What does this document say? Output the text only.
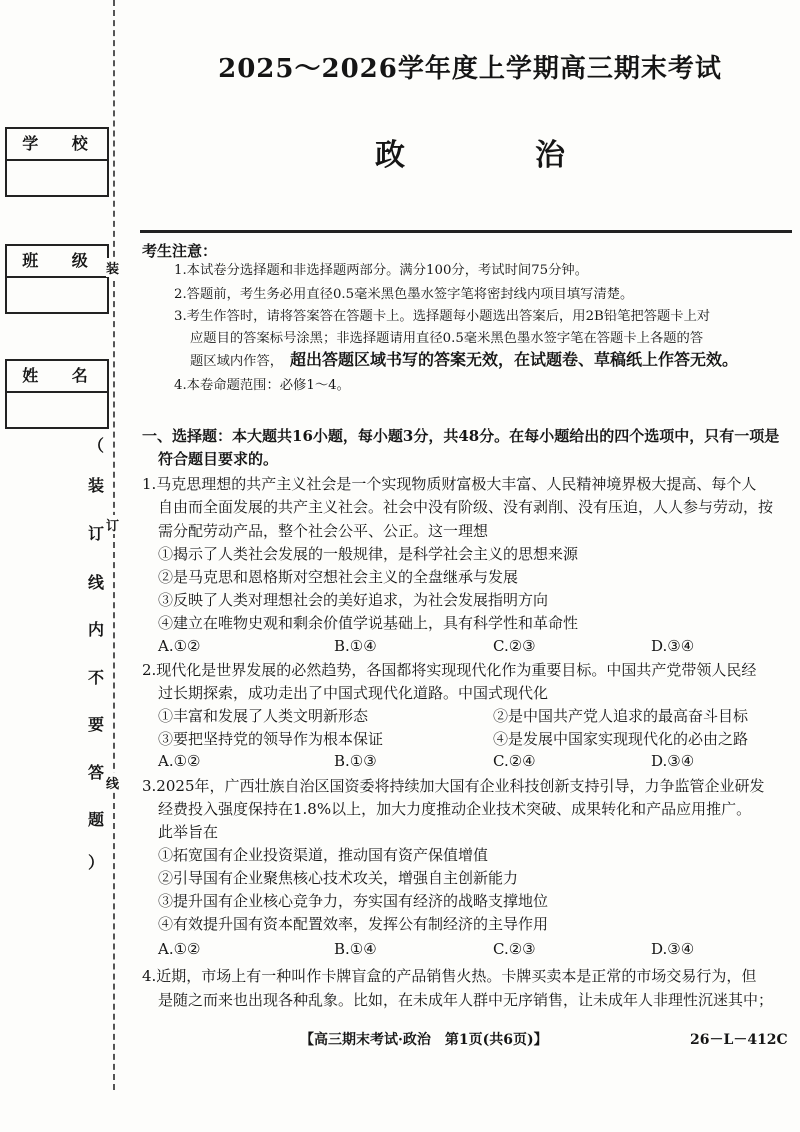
学 校
班 级
姓 名
（
装
订
线
内
不
要
答
题
）
装
订
线
2025～2026学年度上学期高三期末考试
政　治
考生注意：
1.本试卷分选择题和非选择题两部分。满分100分，考试时间75分钟。
2.答题前，考生务必用直径0.5毫米黑色墨水签字笔将密封线内项目填写清楚。
3.考生作答时，请将答案答在答题卡上。选择题每小题选出答案后，用2B铅笔把答题卡上对
应题目的答案标号涂黑；非选择题请用直径0.5毫米黑色墨水签字笔在答题卡上各题的答
题区域内作答， 超出答题区域书写的答案无效，在试题卷、草稿纸上作答无效。
4.本卷命题范围：必修1～4。
一、选择题：本大题共16小题，每小题3分，共48分。在每小题给出的四个选项中，只有一项是
符合题目要求的。
1.马克思理想的共产主义社会是一个实现物质财富极大丰富、人民精神境界极大提高、每个人
自由而全面发展的共产主义社会。社会中没有阶级、没有剥削、没有压迫，人人参与劳动，按
需分配劳动产品，整个社会公平、公正。这一理想
①揭示了人类社会发展的一般规律，是科学社会主义的思想来源
②是马克思和恩格斯对空想社会主义的全盘继承与发展
③反映了人类对理想社会的美好追求，为社会发展指明方向
④建立在唯物史观和剩余价值学说基础上，具有科学性和革命性
A.①②	B.①④	C.②③	D.③④
2.现代化是世界发展的必然趋势，各国都将实现现代化作为重要目标。中国共产党带领人民经
过长期探索，成功走出了中国式现代化道路。中国式现代化
①丰富和发展了人类文明新形态	②是中国共产党人追求的最高奋斗目标
③要把坚持党的领导作为根本保证	④是发展中国家实现现代化的必由之路
A.①②	B.①③	C.②④	D.③④
3.2025年，广西壮族自治区国资委将持续加大国有企业科技创新支持引导，力争监管企业研发
经费投入强度保持在1.8%以上，加大力度推动企业技术突破、成果转化和产品应用推广。
此举旨在
①拓宽国有企业投资渠道，推动国有资产保值增值
②引导国有企业聚焦核心技术攻关，增强自主创新能力
③提升国有企业核心竞争力，夯实国有经济的战略支撑地位
④有效提升国有资本配置效率，发挥公有制经济的主导作用
A.①②	B.①④	C.②③	D.③④
4.近期，市场上有一种叫作卡牌盲盒的产品销售火热。卡牌买卖本是正常的市场交易行为，但
是随之而来也出现各种乱象。比如，在未成年人群中无序销售，让未成年人非理性沉迷其中；
【高三期末考试·政治　第1页(共6页)】	26－L－412C
